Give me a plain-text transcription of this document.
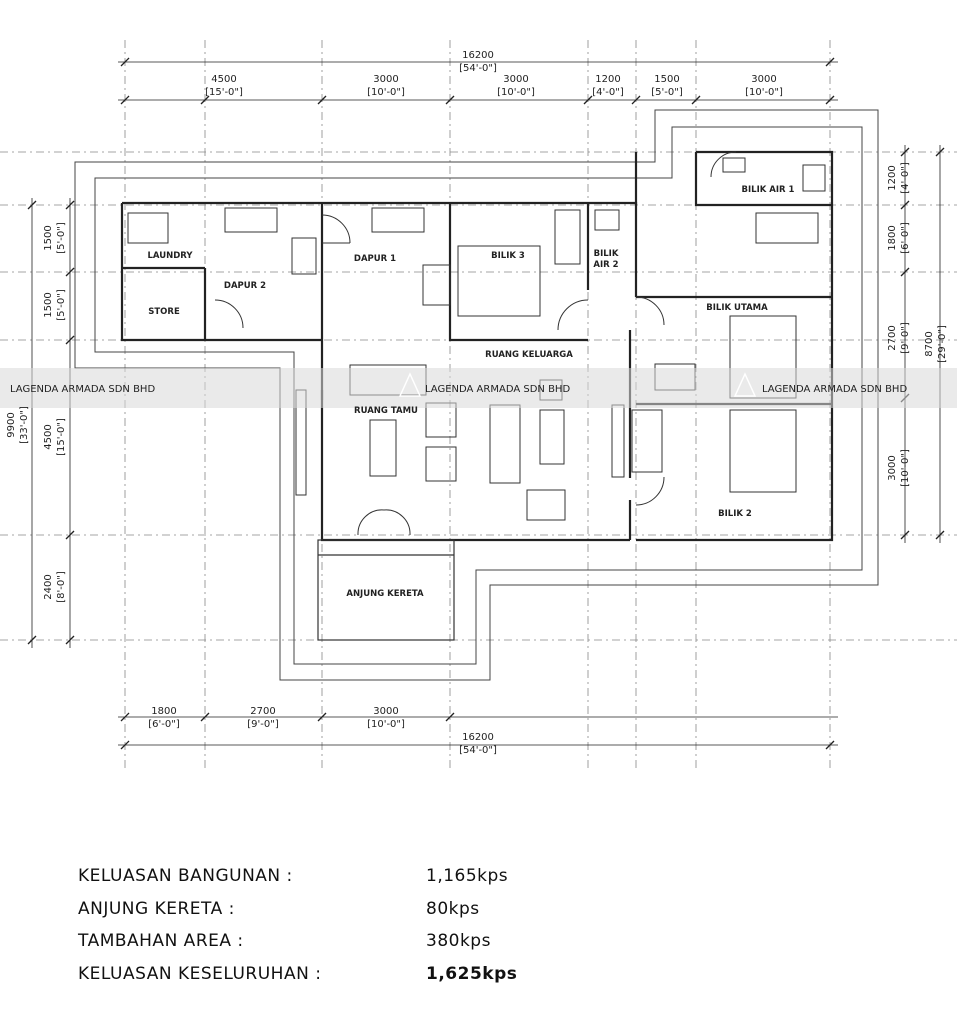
LAGENDA ARMADA SDN BHD	LAGENDA ARMADA SDN BHD	LAGENDA ARMADA SDN BHD
LAUNDRY
STORE
DAPUR 2
DAPUR 1	BILIK 3	BILIK
AIR 2
BILIK AIR 1
BILIK UTAMA
RUANG KELUARGA
RUANG TAMU
BILIK 2
ANJUNG KERETA
16200
[54'-0"]
4500
[15'-0"]
3000
[10'-0"]
3000
[10'-0"]
1200
[4'-0"]
1500
[5'-0"]
3000
[10'-0"]
1800
[6'-0"]
2700
[9'-0"]
3000
[10'-0"]
16200
[54'-0"]
1500 [5'-0"]
1500 [5'-0"]
4500 [15'-0"]
2400 [8'-0"]
9900 [33'-0"]
1200 [4'-0"]
1800 [6'-0"]
2700 [9'-0"]
3000 [10'-0"]
8700 [29'-0"]
KELUASAN BANGUNAN :	1,165kps
ANJUNG KERETA :	80kps
TAMBAHAN AREA :	380kps
KELUASAN KESELURUHAN :	1,625kps
